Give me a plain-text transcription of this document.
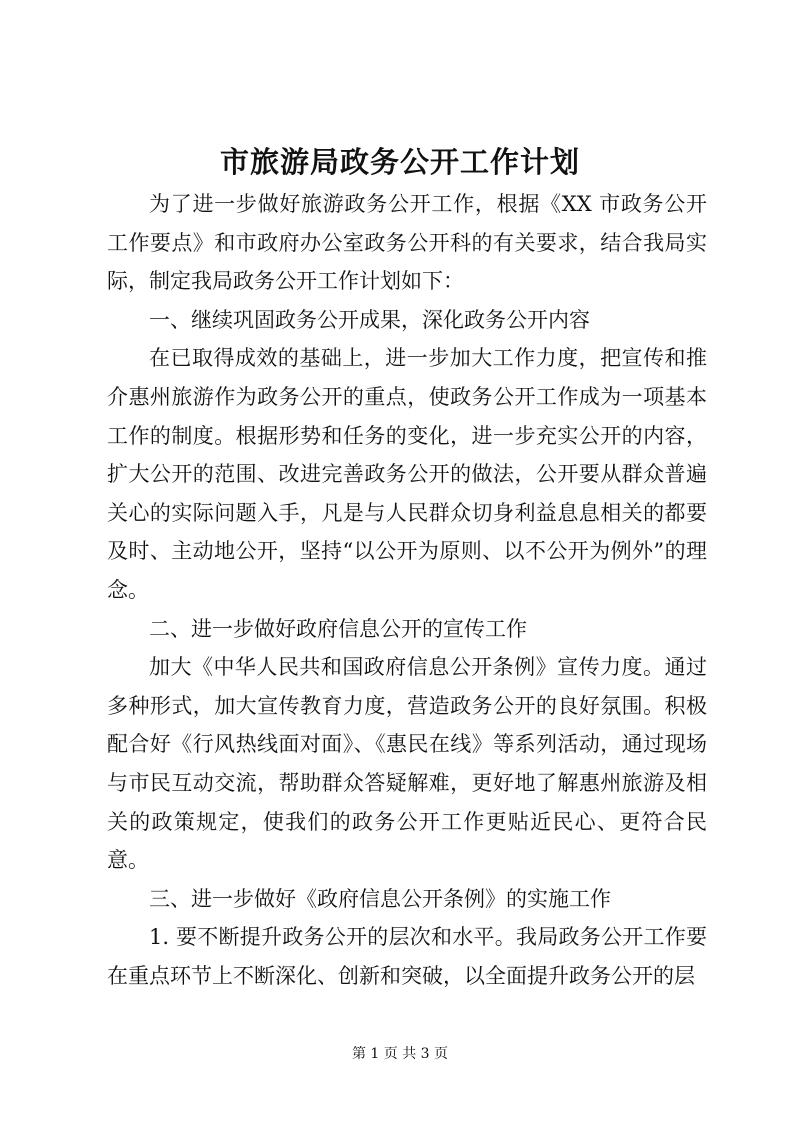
市旅游局政务公开工作计划

为了进一步做好旅游政务公开工作，根据《XX 市政务公开工作要点》和市政府办公室政务公开科的有关要求，结合我局实际，制定我局政务公开工作计划如下：

一、继续巩固政务公开成果，深化政务公开内容

在已取得成效的基础上，进一步加大工作力度，把宣传和推介惠州旅游作为政务公开的重点，使政务公开工作成为一项基本工作的制度。根据形势和任务的变化，进一步充实公开的内容，扩大公开的范围、改进完善政务公开的做法，公开要从群众普遍关心的实际问题入手，凡是与人民群众切身利益息息相关的都要及时、主动地公开，坚持“以公开为原则、以不公开为例外”的理念。

二、进一步做好政府信息公开的宣传工作

加大《中华人民共和国政府信息公开条例》宣传力度。通过多种形式，加大宣传教育力度，营造政务公开的良好氛围。积极配合好《行风热线面对面》、《惠民在线》等系列活动，通过现场与市民互动交流，帮助群众答疑解难，更好地了解惠州旅游及相关的政策规定，使我们的政务公开工作更贴近民心、更符合民意。

三、进一步做好《政府信息公开条例》的实施工作

1. 要不断提升政务公开的层次和水平。我局政务公开工作要在重点环节上不断深化、创新和突破，以全面提升政务公开的层

第 1 页 共 3 页
